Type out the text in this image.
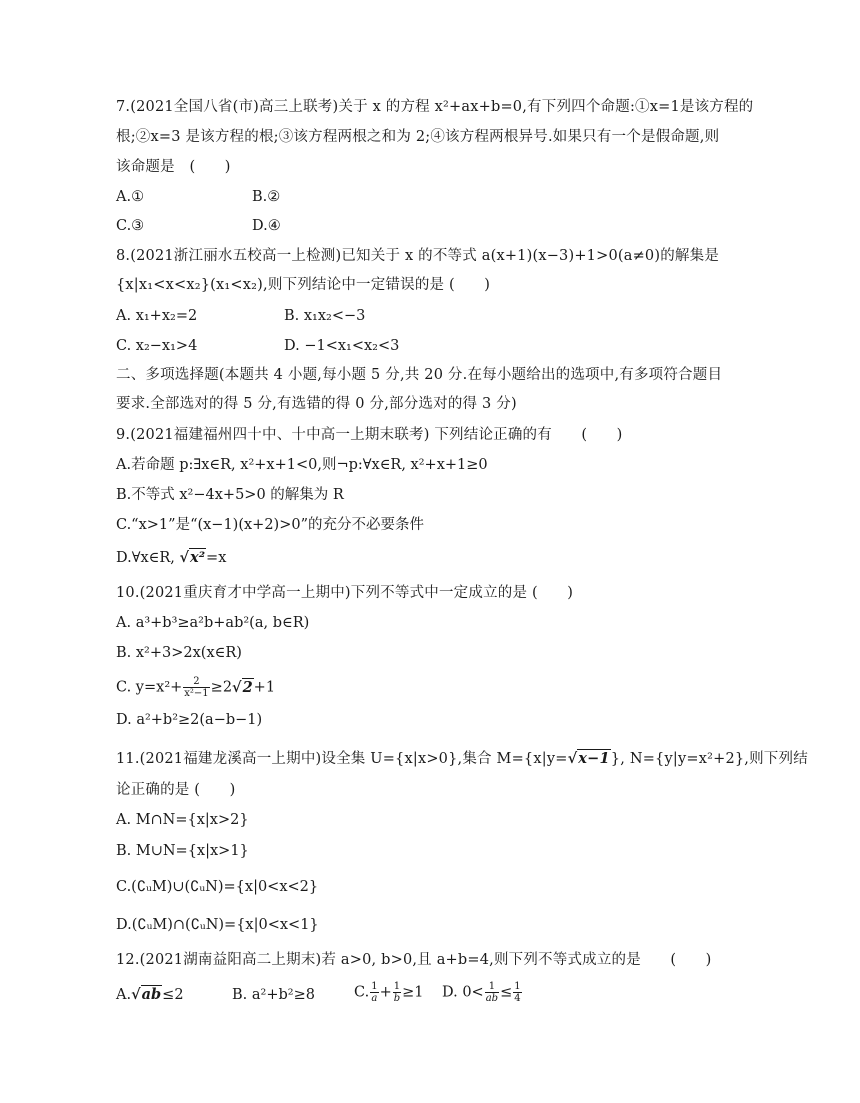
7.(2021全国八省(市)高三上联考)关于 x 的方程 x²+ax+b=0,有下列四个命题:①x=1是该方程的
根;②x=3 是该方程的根;③该方程两根之和为 2;④该方程两根异号.如果只有一个是假命题,则
该命题是　(　　)
A.①	B.②
C.③	D.④
8.(2021浙江丽水五校高一上检测)已知关于 x 的不等式 a(x+1)(x−3)+1>0(a≠0)的解集是
{x|x₁<x<x₂}(x₁<x₂),则下列结论中一定错误的是 (　　)
A. x₁+x₂=2	B. x₁x₂<−3
C. x₂−x₁>4	D. −1<x₁<x₂<3
二、多项选择题(本题共 4 小题,每小题 5 分,共 20 分.在每小题给出的选项中,有多项符合题目
要求.全部选对的得 5 分,有选错的得 0 分,部分选对的得 3 分)
9.(2021福建福州四十中、十中高一上期末联考) 下列结论正确的有　　(　　)
A.若命题 p:∃x∈R, x²+x+1<0,则¬p:∀x∈R, x²+x+1≥0
B.不等式 x²−4x+5>0 的解集为 R
C.“x>1”是“(x−1)(x+2)>0”的充分不必要条件
D.∀x∈R, √x²=x
10.(2021重庆育才中学高一上期中)下列不等式中一定成立的是 (　　)
A. a³+b³≥a²b+ab²(a, b∈R)
B. x²+3>2x(x∈R)
C. $y=x^2+ \frac{2}{\text{x²−1}} \ge 2√2+1$
D. a²+b²≥2(a−b−1)
11.(2021福建龙溪高一上期中)设全集 U={x|x>0},集合 M={x|y=√x−1}, N={y|y=x²+2},则下列结
论正确的是 (　　)
A. M∩N={x|x>2}
B. M∪N={x|x>1}
C.(∁ᵤM)∪(∁ᵤN)={x|0<x<2}
D.(∁ᵤM)∩(∁ᵤN)={x|0<x<1}
12.(2021湖南益阳高二上期末)若 a>0, b>0,且 a+b=4,则下列不等式成立的是　　(　　)
A.√ab≤2	B. a²+b²≥8	C. $\frac{1}{a} + \frac{1}{b} \ge 1$ D. $0< \frac{1}{ab} \le \frac{1}{4}$
